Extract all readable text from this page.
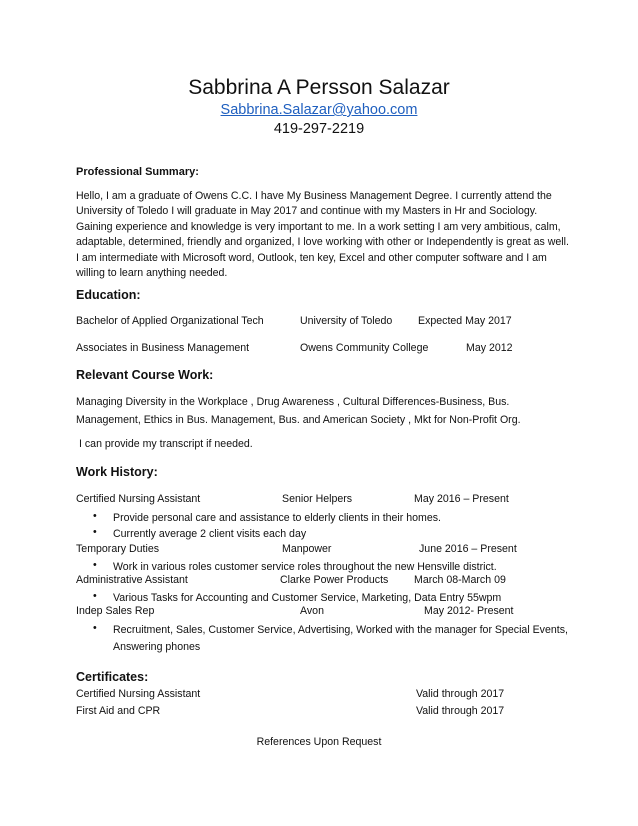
Sabbrina A Persson Salazar
Sabbrina.Salazar@yahoo.com
419-297-2219
Professional Summary:
Hello, I am a graduate of Owens C.C. I have My Business Management Degree. I currently attend the University of Toledo I will graduate in May 2017 and continue with my Masters in Hr and Sociology. Gaining experience and knowledge is very important to me. In a work setting I am very ambitious, calm, adaptable, determined, friendly and organized, I love working with other or Independently is great as well. I am intermediate with Microsoft word, Outlook, ten key, Excel and other computer software and I am willing to learn anything needed.
Education:
Bachelor of Applied Organizational Tech	University of Toledo Expected May 2017
Associates in Business Management	Owens Community College	May 2012
Relevant Course Work:
Managing Diversity in the Workplace , Drug Awareness , Cultural Differences-Business, Bus. Management, Ethics in Bus. Management, Bus. and American Society , Mkt for Non-Profit Org.
I can provide my transcript if needed.
Work History:
Certified Nursing Assistant	Senior Helpers	May 2016 – Present
• Provide personal care and assistance to elderly clients in their homes.
• Currently average 2 client visits each day
Temporary Duties	Manpower	June 2016 – Present
• Work in various roles customer service roles throughout the new Hensville district.
Administrative Assistant	Clarke Power Products March 08-March 09
• Various Tasks for Accounting and Customer Service, Marketing, Data Entry 55wpm
Indep Sales Rep	Avon	May 2012- Present
• Recruitment, Sales, Customer Service, Advertising, Worked with the manager for Special Events, Answering phones
Certificates:
Certified Nursing Assistant	Valid through 2017
First Aid and CPR	Valid through 2017
References Upon Request
